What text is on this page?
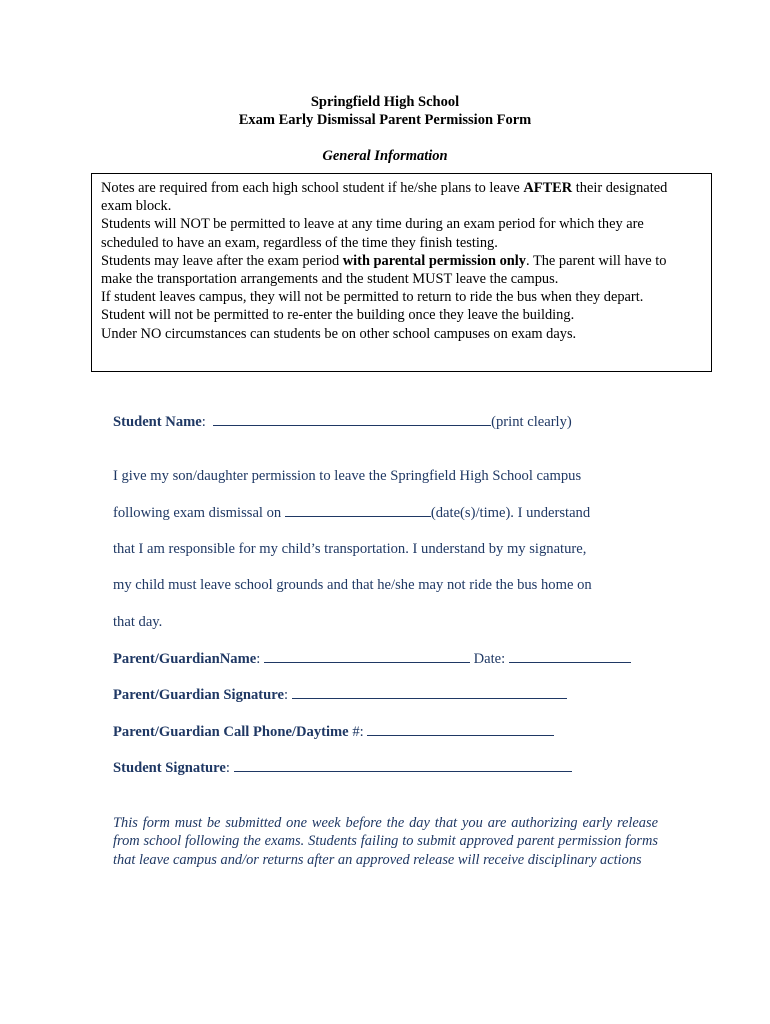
Springfield High School
Exam Early Dismissal Parent Permission Form
General Information

Notes are required from each high school student if he/she plans to leave AFTER their designated exam block.

Students will NOT be permitted to leave at any time during an exam period for which they are scheduled to have an exam, regardless of the time they finish testing.

Students may leave after the exam period with parental permission only. The parent will have to make the transportation arrangements and the student MUST leave the campus.

If student leaves campus, they will not be permitted to return to ride the bus when they depart.

Student will not be permitted to re-enter the building once they leave the building.

Under NO circumstances can students be on other school campuses on exam days.

Student Name:	(print clearly)
I give my son/daughter permission to leave the Springfield High School campus
following exam dismissal on	(date(s)/time). I understand
that I am responsible for my child’s transportation. I understand by my signature,
my child must leave school grounds and that he/she may not ride the bus home on
that day.
Parent/GuardianName:	Date:
Parent/Guardian Signature:
Parent/Guardian Call Phone/Daytime #:
Student Signature:
This form must be submitted one week before the day that you are authorizing early release from school following the exams. Students failing to submit approved parent permission forms that leave campus and/or returns after an approved release will receive disciplinary actions
